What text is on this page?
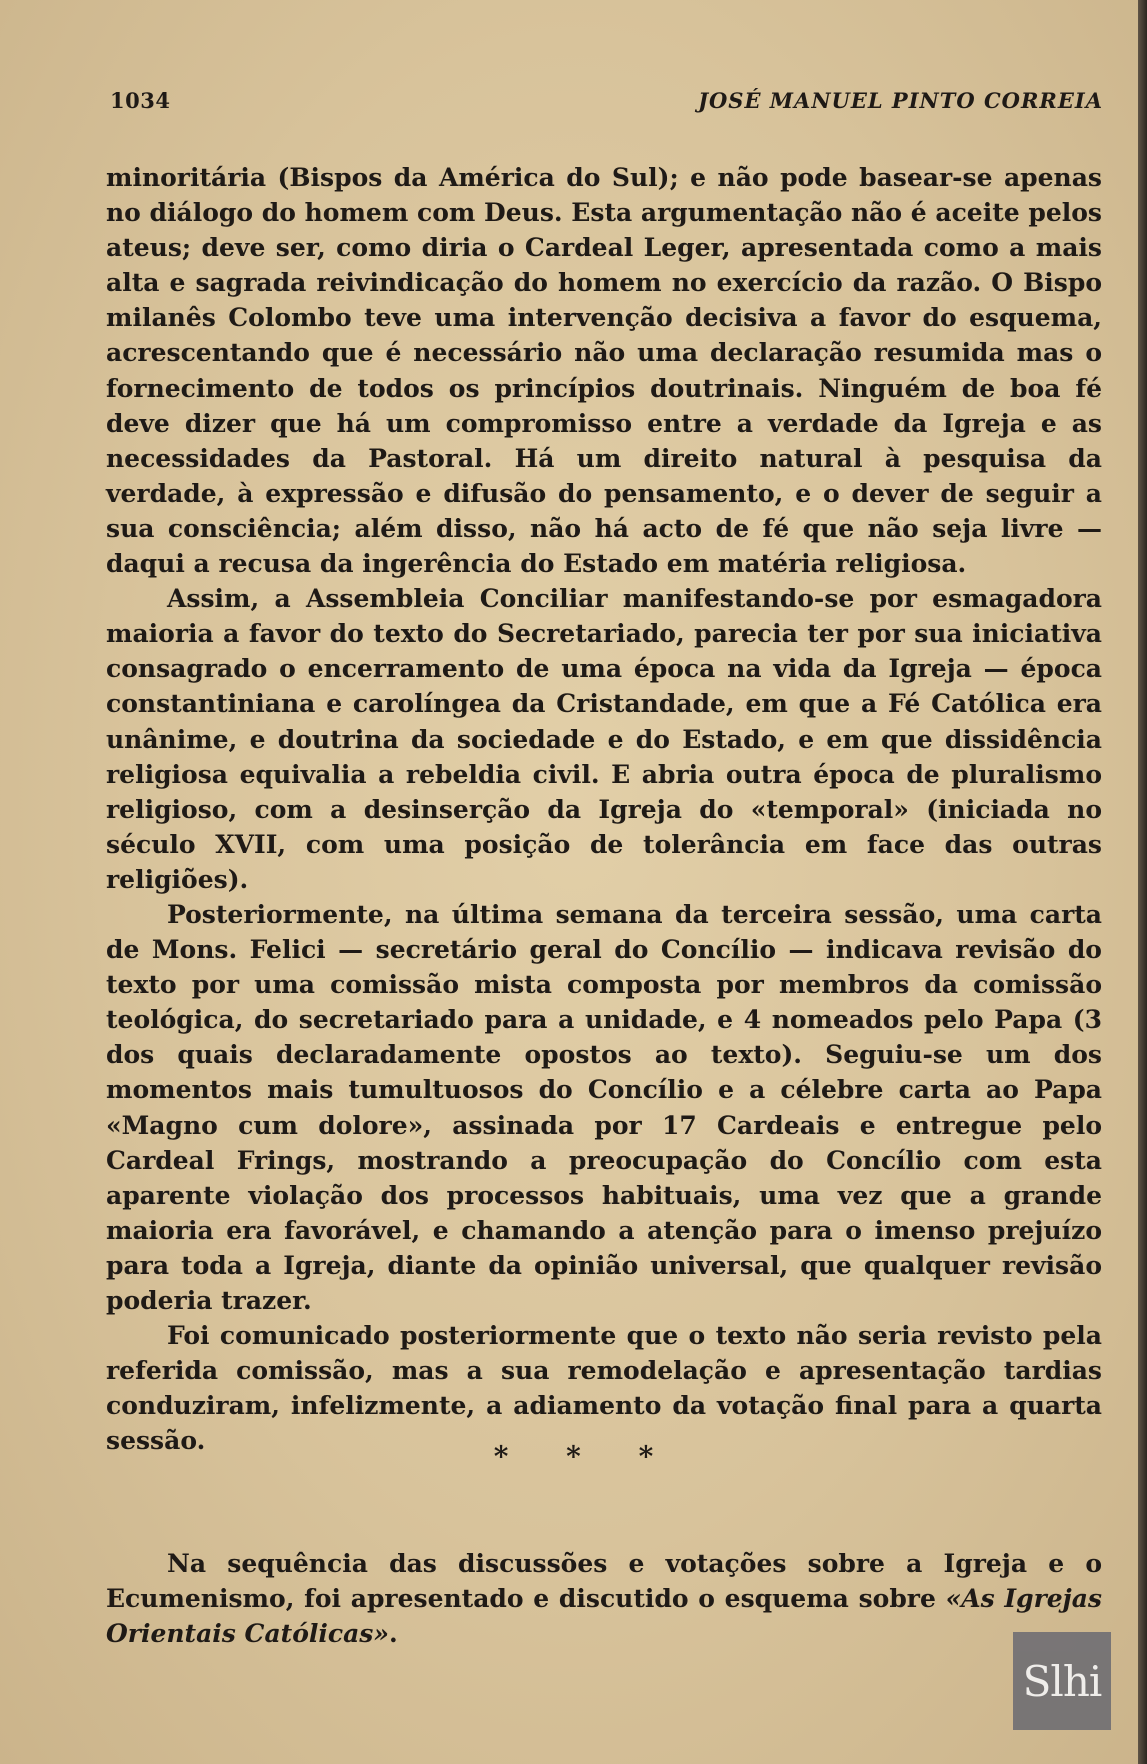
1034	JOSÉ MANUEL PINTO CORREIA

minoritária (Bispos da América do Sul); e não pode basear-se apenas no diálogo do homem com Deus. Esta argumentação não é aceite pelos ateus; deve ser, como diria o Cardeal Leger, apresentada como a mais alta e sagrada reivindicação do homem no exercício da razão. O Bispo milanês Colombo teve uma intervenção decisiva a favor do esquema, acrescentando que é necessário não uma declaração resumida mas o fornecimento de todos os princípios doutrinais. Ninguém de boa fé deve dizer que há um compromisso entre a verdade da Igreja e as necessidades da Pastoral. Há um direito natural à pesquisa da verdade, à expressão e difusão do pensamento, e o dever de seguir a sua consciência; além disso, não há acto de fé que não seja livre — daqui a recusa da ingerência do Estado em matéria religiosa.

Assim, a Assembleia Conciliar manifestando-se por esmagadora maioria a favor do texto do Secretariado, parecia ter por sua iniciativa consagrado o encerramento de uma época na vida da Igreja — época constantiniana e carolíngea da Cristandade, em que a Fé Católica era unânime, e doutrina da sociedade e do Estado, e em que dissidência religiosa equivalia a rebeldia civil. E abria outra época de pluralismo religioso, com a desinserção da Igreja do «temporal» (iniciada no século XVII, com uma posição de tolerância em face das outras religiões).

Posteriormente, na última semana da terceira sessão, uma carta de Mons. Felici — secretário geral do Concílio — indicava revisão do texto por uma comissão mista composta por membros da comissão teológica, do secretariado para a unidade, e 4 nomeados pelo Papa (3 dos quais declaradamente opostos ao texto). Seguiu-se um dos momentos mais tumultuosos do Concílio e a célebre carta ao Papa «Magno cum dolore», assinada por 17 Cardeais e entregue pelo Cardeal Frings, mostrando a preocupação do Concílio com esta aparente violação dos processos habituais, uma vez que a grande maioria era favorável, e chamando a atenção para o imenso prejuízo para toda a Igreja, diante da opinião universal, que qualquer revisão poderia trazer.

Foi comunicado posteriormente que o texto não seria revisto pela referida comissão, mas a sua remodelação e apresentação tardias conduziram, infelizmente, a adiamento da votação final para a quarta sessão.	* * *

Na sequência das discussões e votações sobre a Igreja e o Ecumenismo, foi apresentado e discutido o esquema sobre «As Igrejas Orientais Católicas».

Slhi
